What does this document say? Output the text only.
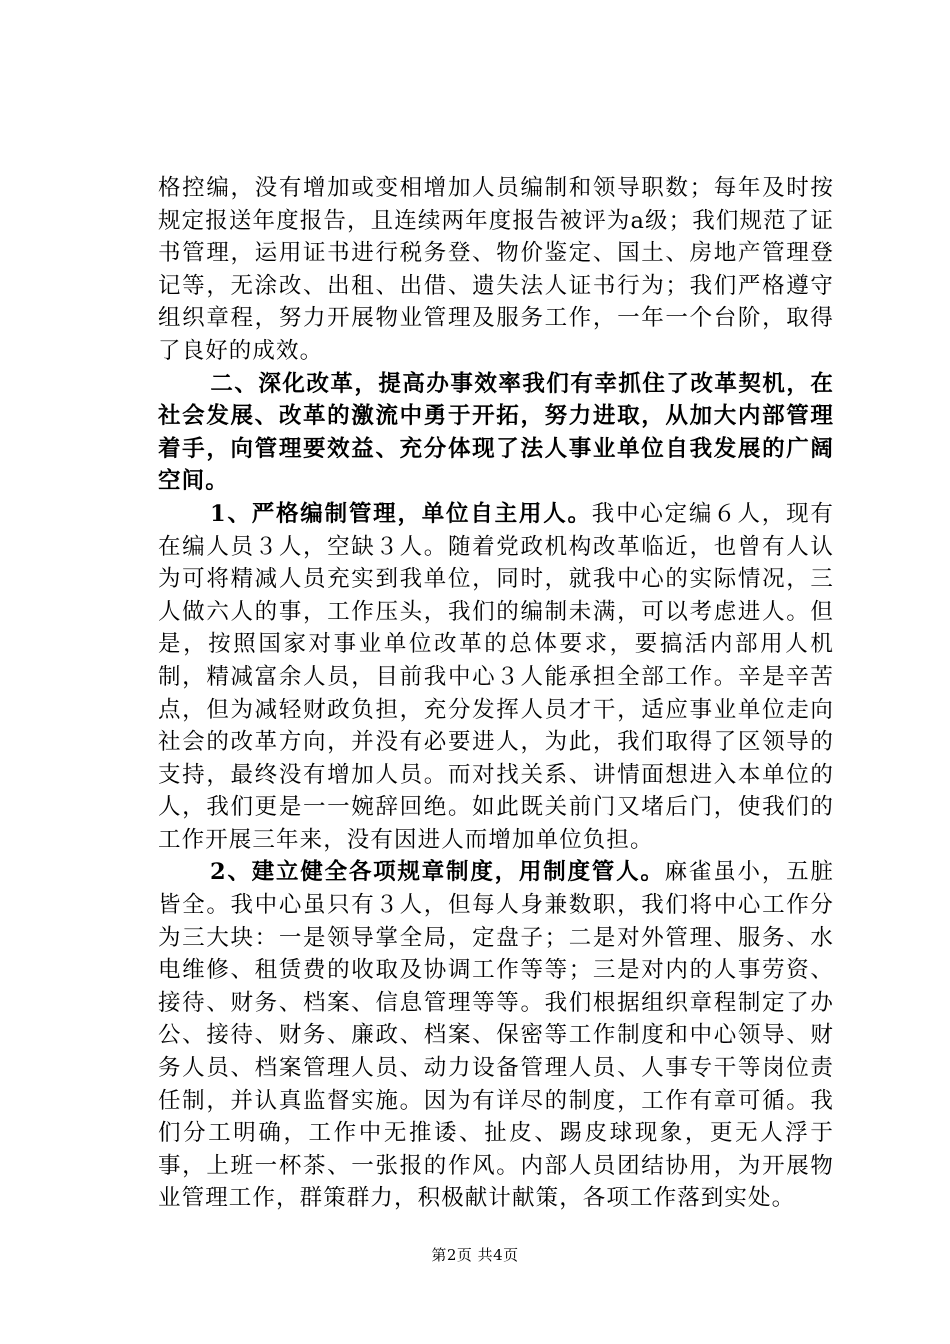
格控编，没有增加或变相增加人员编制和领导职数；每年及时按规定报送年度报告，且连续两年度报告被评为a级；我们规范了证书管理，运用证书进行税务登、物价鉴定、国土、房地产管理登记等，无涂改、出租、出借、遗失法人证书行为；我们严格遵守组织章程，努力开展物业管理及服务工作，一年一个台阶，取得了良好的成效。

二、深化改革，提高办事效率我们有幸抓住了改革契机，在社会发展、改革的激流中勇于开拓，努力进取，从加大内部管理着手，向管理要效益、充分体现了法人事业单位自我发展的广阔空间。

1、严格编制管理，单位自主用人。我中心定编６人，现有在编人员３人，空缺３人。随着党政机构改革临近，也曾有人认为可将精减人员充实到我单位，同时，就我中心的实际情况，三人做六人的事，工作压头，我们的编制未满，可以考虑进人。但是，按照国家对事业单位改革的总体要求，要搞活内部用人机制，精减富余人员，目前我中心３人能承担全部工作。辛是辛苦点，但为减轻财政负担，充分发挥人员才干，适应事业单位走向社会的改革方向，并没有必要进人，为此，我们取得了区领导的支持，最终没有增加人员。而对找关系、讲情面想进入本单位的人，我们更是一一婉辞回绝。如此既关前门又堵后门，使我们的工作开展三年来，没有因进人而增加单位负担。

2、建立健全各项规章制度，用制度管人。麻雀虽小，五脏皆全。我中心虽只有３人，但每人身兼数职，我们将中心工作分为三大块：一是领导掌全局，定盘子；二是对外管理、服务、水电维修、租赁费的收取及协调工作等等；三是对内的人事劳资、接待、财务、档案、信息管理等等。我们根据组织章程制定了办公、接待、财务、廉政、档案、保密等工作制度和中心领导、财务人员、档案管理人员、动力设备管理人员、人事专干等岗位责任制，并认真监督实施。因为有详尽的制度，工作有章可循。我们分工明确，工作中无推诿、扯皮、踢皮球现象，更无人浮于事，上班一杯茶、一张报的作风。内部人员团结协用，为开展物业管理工作，群策群力，积极献计献策，各项工作落到实处。

第2页 共4页
